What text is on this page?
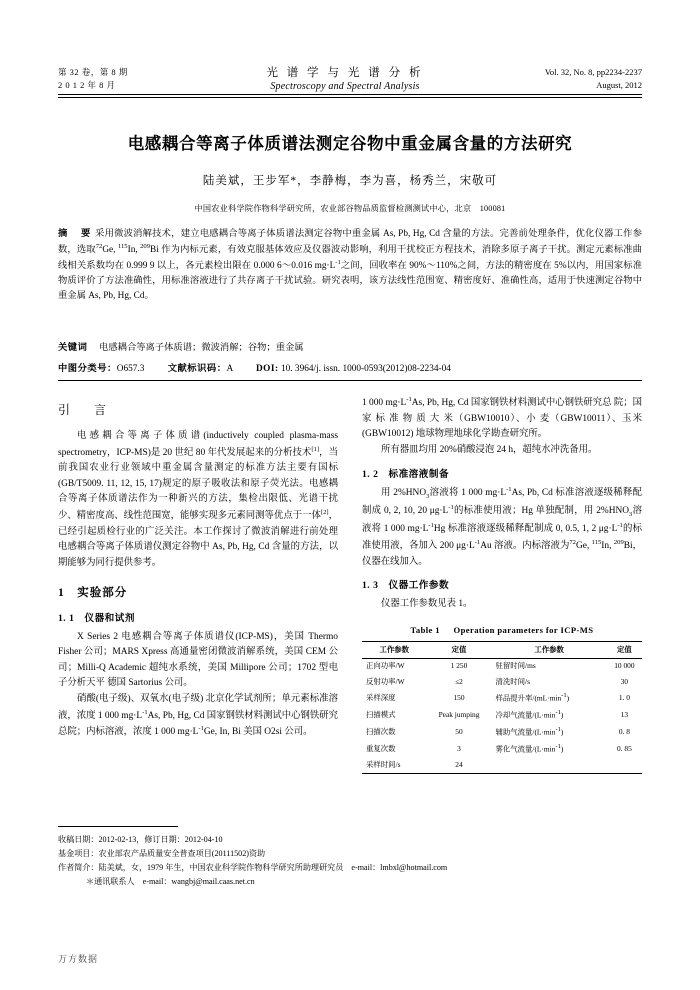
第 32 卷，第 8 期
2 0 1 2 年 8 月
光 谱 学 与 光 谱 分 析
Spectroscopy and Spectral Analysis
Vol. 32, No. 8, pp2234-2237
August, 2012
电感耦合等离子体质谱法测定谷物中重金属含量的方法研究
陆美斌，王步军*，李静梅，李为喜，杨秀兰，宋敬可
中国农业科学院作物科学研究所，农业部谷物品质监督检测测试中心，北京　100081
摘　要 采用微波消解技术，建立电感耦合等离子体质谱法测定谷物中重金属 As, Pb, Hg, Cd 含量的方法。完善前处理条件，优化仪器工作参数，选取$^{72}$Ge, $^{115}$In, $^{209}$Bi 作为内标元素，有效克服基体效应及仪器波动影响，利用干扰校正方程技术，消除多原子离子干扰。测定元素标准曲线相关系数均在 0.999 9 以上，各元素检出限在 0.000 6～0.016 $mg\cdot L^{-1}$之间，回收率在 90%～110%之间，方法的精密度在 5%以内，用国家标准物质评价了方法准确性，用标准溶液进行了共存离子干扰试验。研究表明，该方法线性范围宽、精密度好、准确性高，适用于快速测定谷物中重金属 As, Pb, Hg, Cd。
关键词 　 电感耦合等离子体质谱；微波消解；谷物；重金属
中图分类号：O657.3 　　	文献标识码：A 　　	DOI: 10. 3964/j. issn. 1000-0593(2012)08-2234-04
引　言

电感耦合等离子体质谱(inductively coupled plasma-mass spectrometry，ICP-MS)是 20 世纪 80 年代发展起来的分析技术[1]，当前我国农业行业领域中重金属含量测定的标准方法主要有国标(GB/T5009. 11, 12, 15, 17)规定的原子吸收法和原子荧光法。电感耦合等离子体质谱法作为一种新兴的方法，集检出限低、光谱干扰少、精密度高、线性范围宽，能够实现多元素同测等优点于一体[2]，已经引起质检行业的广泛关注。本工作探讨了微波消解进行前处理电感耦合等离子体质谱仪测定谷物中 As, Pb, Hg, Cd 含量的方法，以期能够为同行提供参考。

1　实验部分
1. 1　仪器和试剂

X Series 2 电感耦合等离子体质谱仪(ICP-MS)，美国 Thermo Fisher 公司；MARS Xpress 高通量密闭微波消解系统，美国 CEM 公司；Milli-Q Academic 超纯水系统，美国 Millipore 公司；1702 型电子分析天平 德国 Sartorius 公司。

硝酸(电子级)、双氧水(电子级) 北京化学试剂所；单元素标准溶液，浓度 1 000 $mg\cdot L^{-1}As$, Pb, Hg, Cd 国家钢铁材料测试中心钢铁研究总院；内标溶液，浓度 1 000 $mg\cdot L^{-1}Ge$, In, Bi 美国 O2si 公司。

1 000 $mg\cdot L^{-1}As$, Pb, Hg, Cd 国家钢铁材料测试中心钢铁研究总 院；国 家 标 准 物 质 大 米（GBW10010）、小 麦（GBW10011）、玉米(GBW10012) 地球物理地球化学勘查研究所。

所有器皿均用 20%硝酸浸泡 24 h，超纯水冲洗备用。

1. 2　标准溶液制备

用 $2\%HNO_3$溶液将 1 000 $mg\cdot L^{-1}As$, Pb, Cd 标准溶液逐级稀释配制成 0, 2, 10, 20 $\mu g\cdot L^{-1}$的标准使用液；Hg 单独配制，用 $2\%HNO_3$溶液将 1 000 $mg\cdot L^{-1}Hg$ 标准溶液逐级稀释配制成 0, 0.5, 1, 2 $\mu g\cdot L^{-1}$的标准使用液，各加入 200 $\mu g\cdot L^{-1}Au$ 溶液。内标溶液为$^{72}$Ge, $^{115}$In, $^{209}$Bi，仪器在线加入。

1. 3　仪器工作参数

仪器工作参数见表 1。

Table 1 　 Operation parameters for ICP-MS
工作参数	定值	工作参数	定值
正向功率/W	1 250	驻留时间/ms	10 000
反射功率/W	≤2	清洗时间/s	30
采样深度	150	样品提升率$/(mL\cdot\min^{-1})$	1. 0
扫描模式	Peak jumping	冷却气流量$/(L\cdot\min^{-1})$	13
扫描次数	50	辅助气流量$/(L\cdot\min^{-1})$	0. 8
重复次数	3	雾化气流量$/(L\cdot\min^{-1})$	0. 85
采样时间/s	24		
收稿日期：2012-02-13，修订日期：2012-04-10
基金项目：农业部农产品质量安全普查项目(20111502)资助
作者简介：陆美斌，女，1979 年生，中国农业科学院作物科学研究所助理研究员　e-mail：lmbxl@hotmail.com
＊通讯联系人　e-mail：wangbj@mail.caas.net.cn
万方数据
